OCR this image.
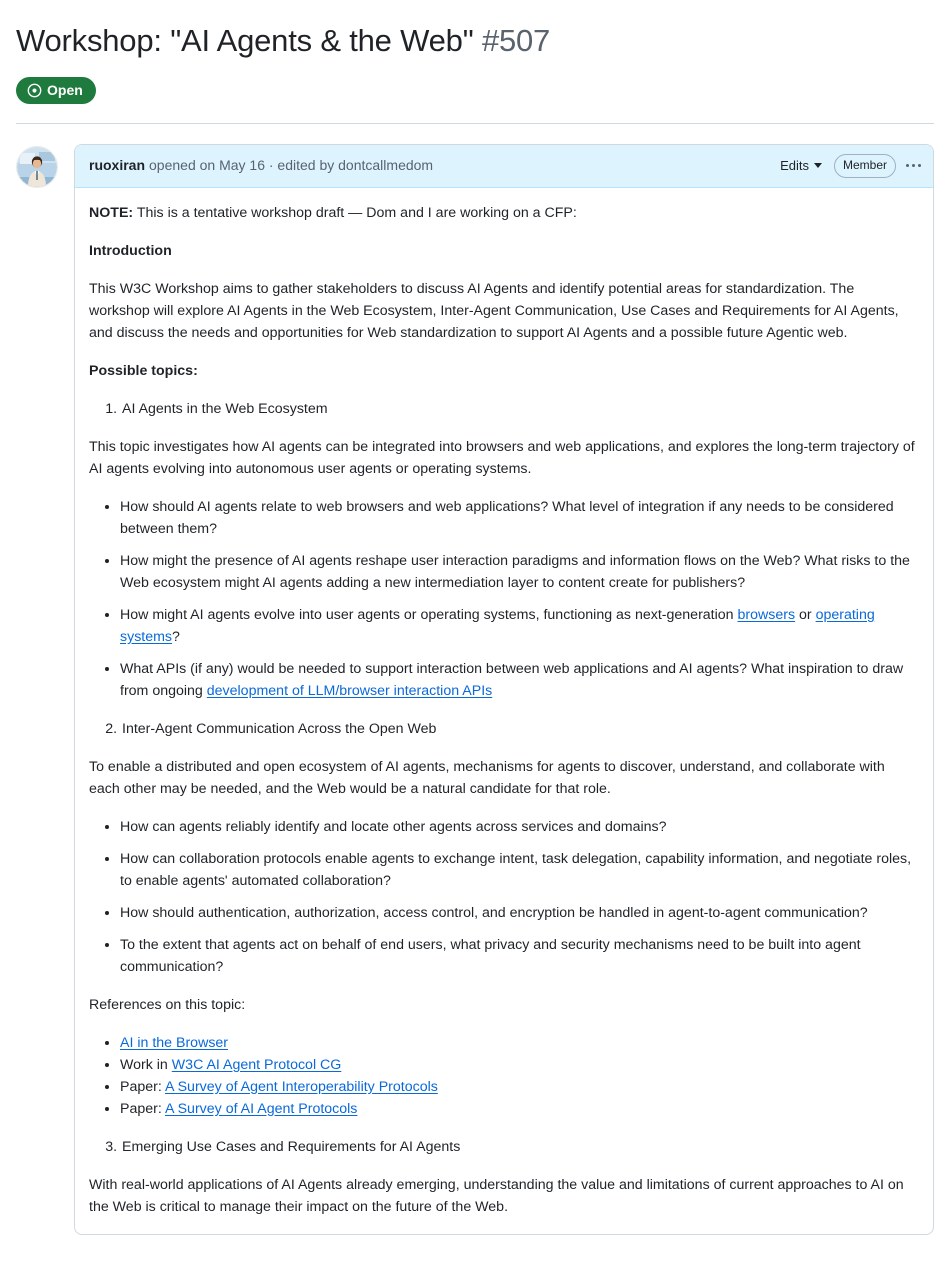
Workshop: "AI Agents & the Web" #507
Open
ruoxiran opened on May 16 · edited by dontcallmedom	Edits	Member

NOTE: This is a tentative workshop draft — Dom and I are working on a CFP:

Introduction

This W3C Workshop aims to gather stakeholders to discuss AI Agents and identify potential areas for standardization. The workshop will explore AI Agents in the Web Ecosystem, Inter-Agent Communication, Use Cases and Requirements for AI Agents, and discuss the needs and opportunities for Web standardization to support AI Agents and a possible future Agentic web.

Possible topics:

1. AI Agents in the Web Ecosystem

This topic investigates how AI agents can be integrated into browsers and web applications, and explores the long-term trajectory of AI agents evolving into autonomous user agents or operating systems.

• How should AI agents relate to web browsers and web applications? What level of integration if any needs to be considered between them?
• How might the presence of AI agents reshape user interaction paradigms and information flows on the Web? What risks to the Web ecosystem might AI agents adding a new intermediation layer to content create for publishers?
• How might AI agents evolve into user agents or operating systems, functioning as next-generation browsers or operating systems?
• What APIs (if any) would be needed to support interaction between web applications and AI agents? What inspiration to draw from ongoing development of LLM/browser interaction APIs
2. Inter-Agent Communication Across the Open Web

To enable a distributed and open ecosystem of AI agents, mechanisms for agents to discover, understand, and collaborate with each other may be needed, and the Web would be a natural candidate for that role.

• How can agents reliably identify and locate other agents across services and domains?
• How can collaboration protocols enable agents to exchange intent, task delegation, capability information, and negotiate roles, to enable agents' automated collaboration?
• How should authentication, authorization, access control, and encryption be handled in agent-to-agent communication?
• To the extent that agents act on behalf of end users, what privacy and security mechanisms need to be built into agent communication?

References on this topic:

• AI in the Browser
• Work in W3C AI Agent Protocol CG
• Paper: A Survey of Agent Interoperability Protocols
• Paper: A Survey of AI Agent Protocols
3. Emerging Use Cases and Requirements for AI Agents

With real-world applications of AI Agents already emerging, understanding the value and limitations of current approaches to AI on the Web is critical to manage their impact on the future of the Web.
